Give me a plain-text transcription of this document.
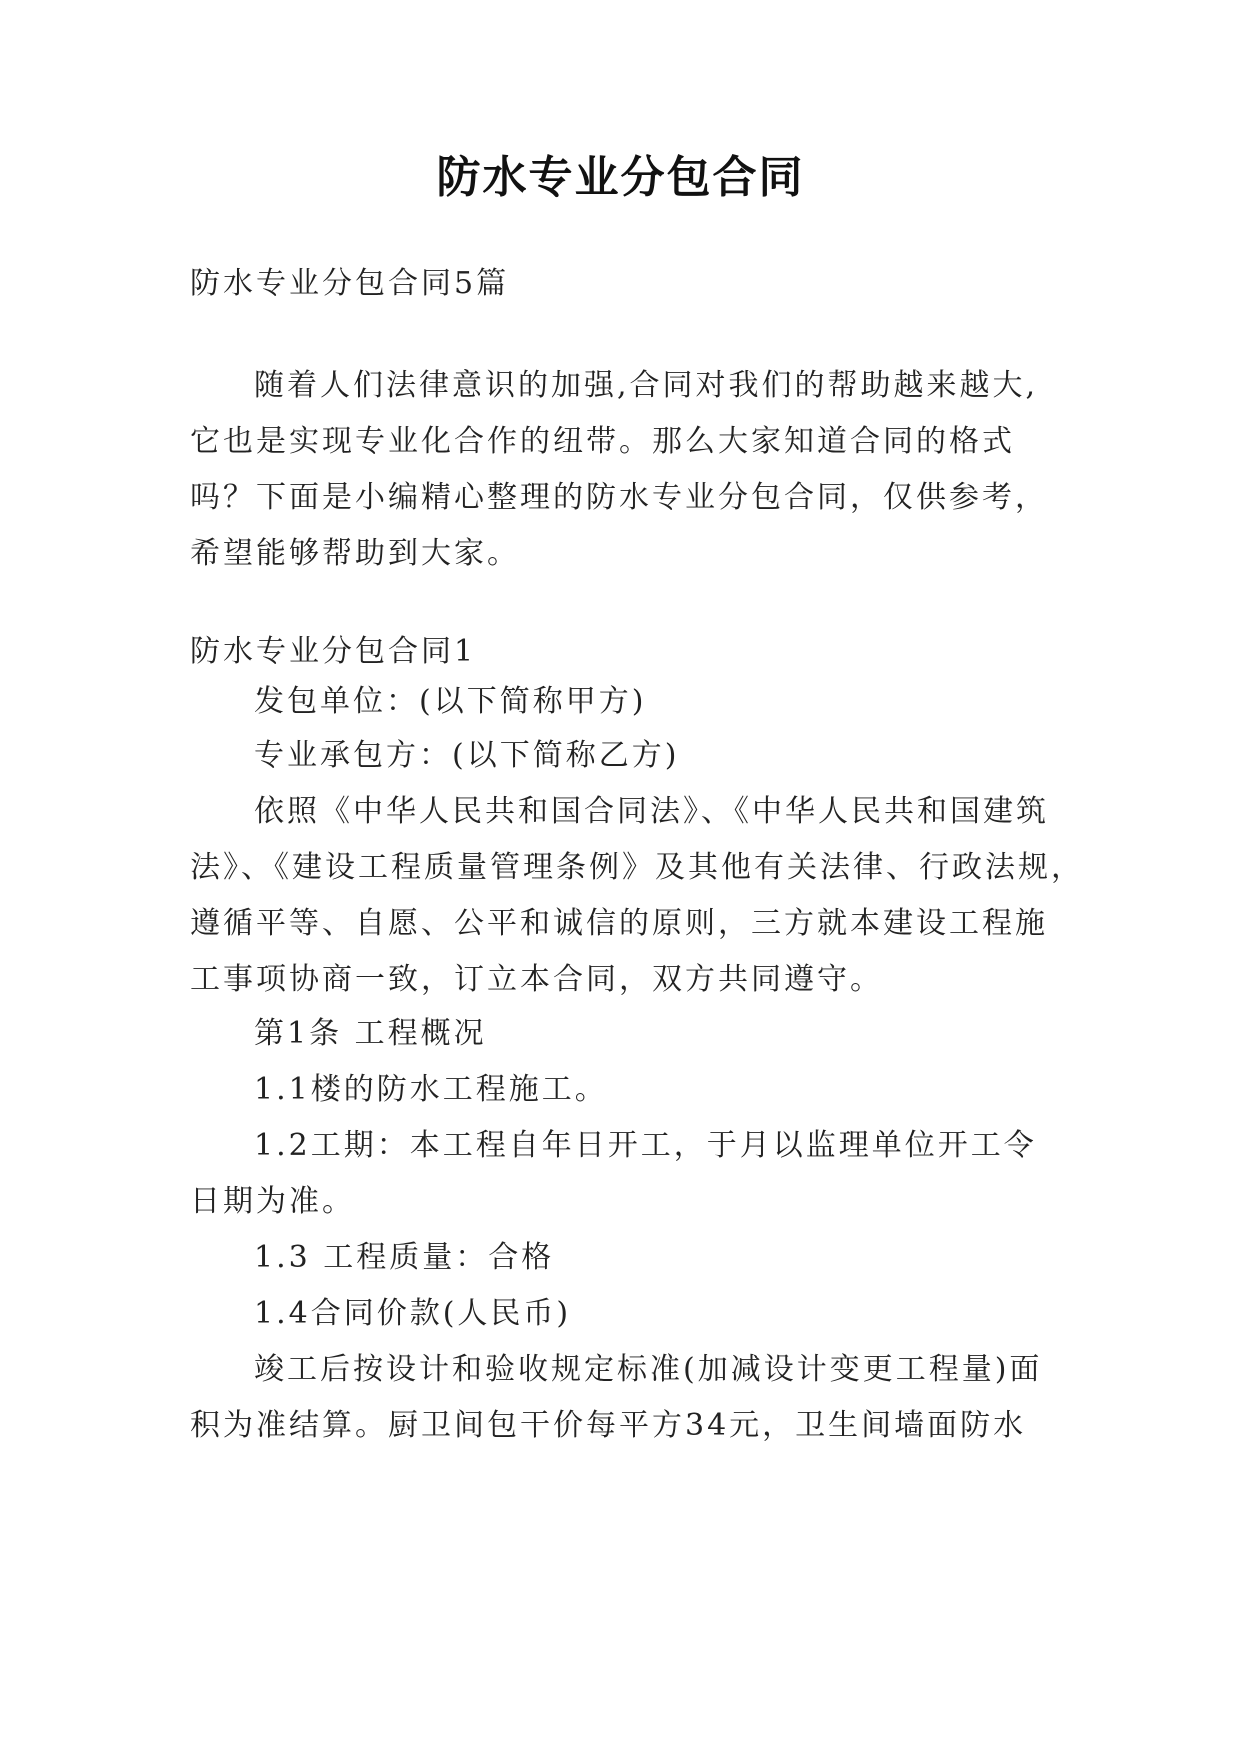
防水专业分包合同
防水专业分包合同5篇
随着人们法律意识的加强,合同对我们的帮助越来越大,
它也是实现专业化合作的纽带。那么大家知道合同的格式
吗？下面是小编精心整理的防水专业分包合同，仅供参考，
希望能够帮助到大家。
防水专业分包合同1
发包单位：(以下简称甲方)
专业承包方：(以下简称乙方)
依照《中华人民共和国合同法》、《中华人民共和国建筑
法》、《建设工程质量管理条例》及其他有关法律、行政法规，
遵循平等、自愿、公平和诚信的原则，三方就本建设工程施
工事项协商一致，订立本合同，双方共同遵守。
第1条 工程概况
1.1楼的防水工程施工。
1.2工期：本工程自年日开工，于月以监理单位开工令
日期为准。
1.3 工程质量：合格
1.4合同价款(人民币)
竣工后按设计和验收规定标准(加减设计变更工程量)面
积为准结算。厨卫间包干价每平方34元，卫生间墙面防水
